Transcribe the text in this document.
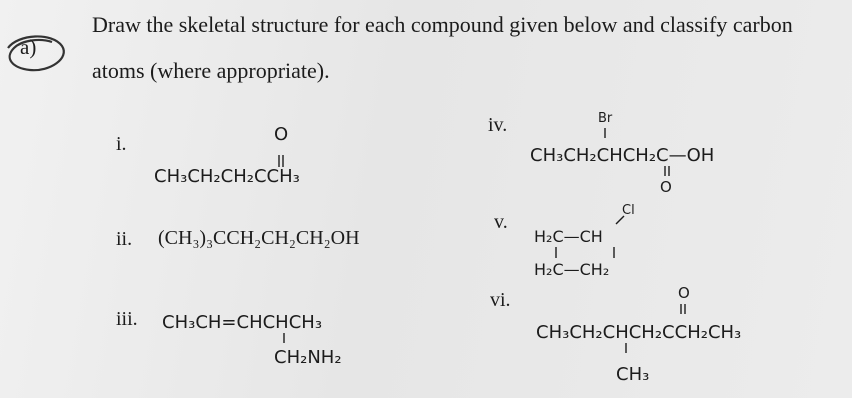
a)
Draw the skeletal structure for each compound given below and classify carbon
atoms (where appropriate).
i.
ii.
iii.
iv.
v.
vi.
(CH₃)₃CCH₂CH₂CH₂OH
CH₃CH₂CH₂CCH₃
O
CH₃CH=CHCHCH₃
CH₂NH₂
Br
CH₃CH₂CHCH₂C—OH
O
Cl
H₂C—CH
H₂C—CH₂
O
CH₃CH₂CHCH₂CCH₂CH₃
CH₃
